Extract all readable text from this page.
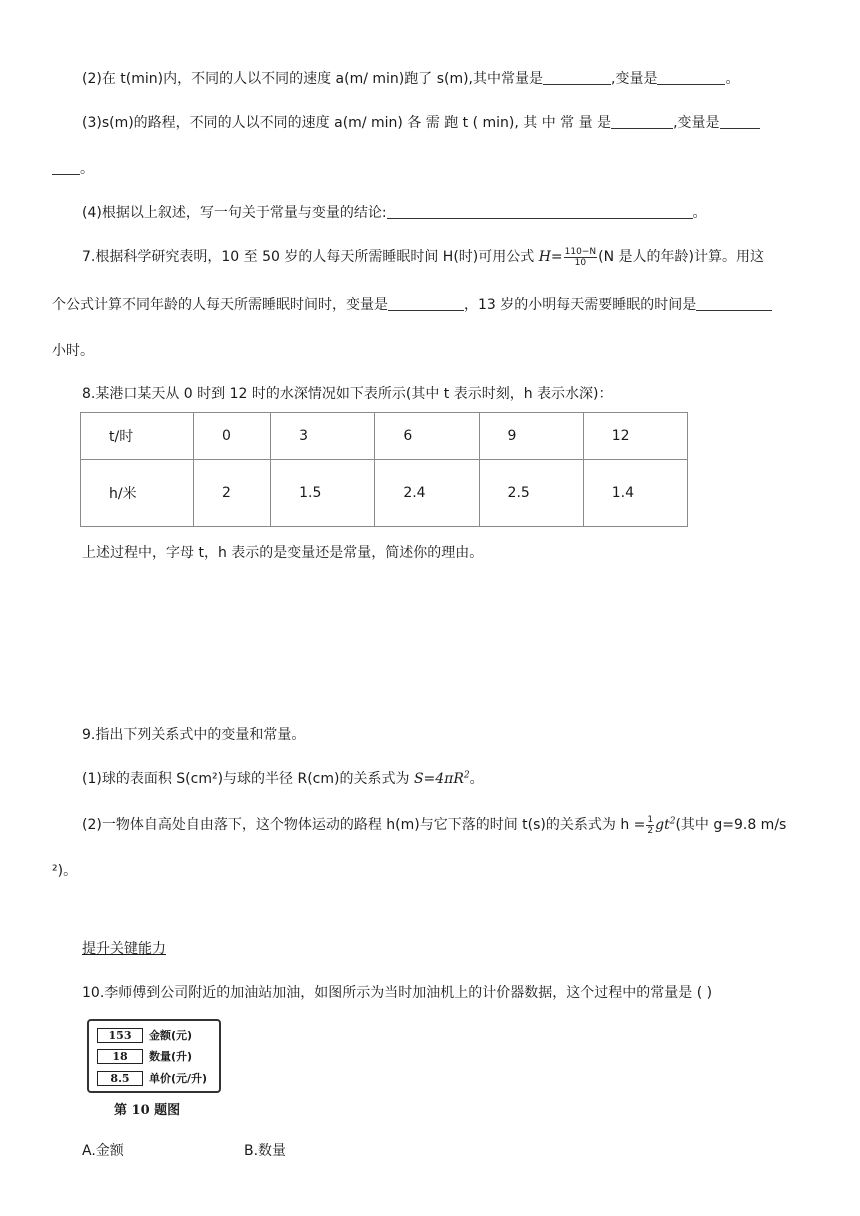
(2)在 t(min)内，不同的人以不同的速度 a(m/ min)跑了 s(m),其中常量是	,变量是	。
(3)s(m)的路程，不同的人以不同的速度 a(m/ min) 各 需 跑 t ( min), 其 中 常 量 是	,变量是
。
(4)根据以上叙述，写一句关于常量与变量的结论:	。
7.根据科学研究表明，10 至 50 岁的人每天所需睡眠时间 H(时)可用公式 $H= \frac{110-N}{10} (N$ 是人的年龄)计算。用这
个公式计算不同年龄的人每天所需睡眠时间时，变量是	，13 岁的小明每天需要睡眠的时间是
小时。
8.某港口某天从 0 时到 12 时的水深情况如下表所示(其中 t 表示时刻，h 表示水深)：
t/时	0	3	6	9	12
h/米	2	1.5	2.4	2.5	1.4
上述过程中，字母 t，h 表示的是变量还是常量，简述你的理由。
9.指出下列关系式中的变量和常量。
(1)球的表面积 S(cm²)与球的半径 R(cm)的关系式为 $S=4\pi R^2$。
(2)一物体自高处自由落下，这个物体运动的路程 h(m)与它下落的时间 t(s)的关系式为 $h = \frac{1}{2} gt^2$(其中 g=9.8 m/s
²)。
提升关键能力
10.李师傅到公司附近的加油站加油，如图所示为当时加油机上的计价器数据，这个过程中的常量是 ( )
153	金额(元)
18	数量(升)
8.5	单价(元/升)
第 10 题图
A.金额	B.数量
